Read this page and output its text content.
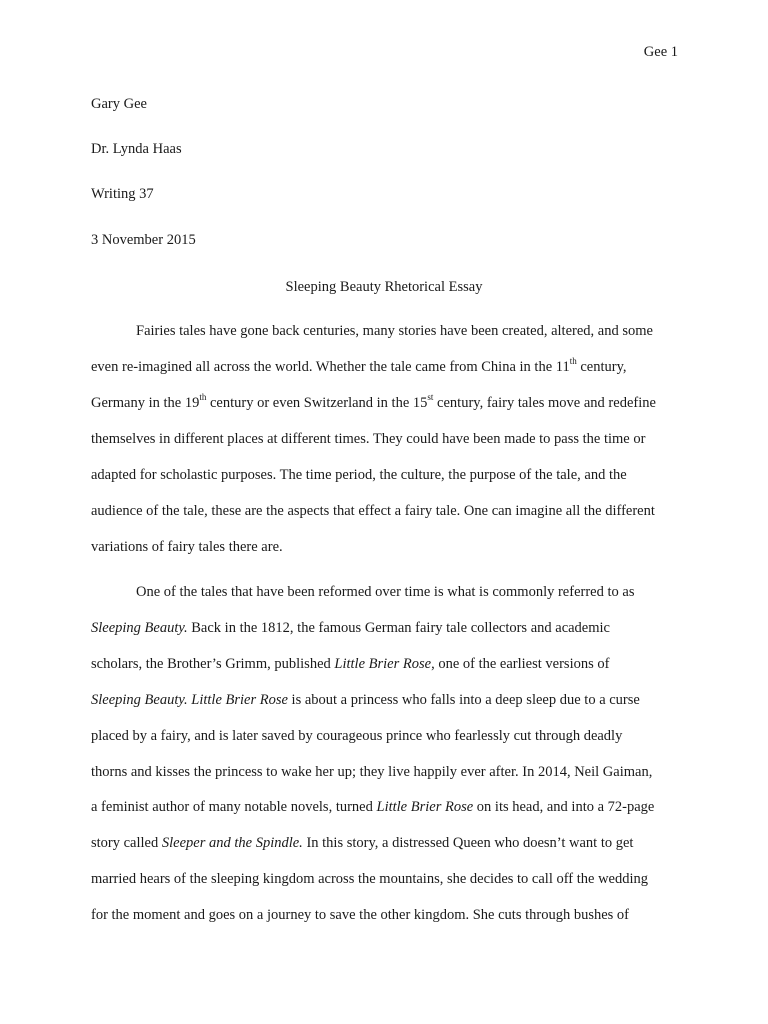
Gee 1
Gary Gee
Dr. Lynda Haas
Writing 37
3 November 2015
Sleeping Beauty Rhetorical Essay
Fairies tales have gone back centuries, many stories have been created, altered, and some
even re-imagined all across the world. Whether the tale came from China in the 11th century,
Germany in the 19th century or even Switzerland in the 15st century, fairy tales move and redefine
themselves in different places at different times. They could have been made to pass the time or
adapted for scholastic purposes. The time period, the culture, the purpose of the tale, and the
audience of the tale, these are the aspects that effect a fairy tale. One can imagine all the different
variations of fairy tales there are.
One of the tales that have been reformed over time is what is commonly referred to as
Sleeping Beauty. Back in the 1812, the famous German fairy tale collectors and academic
scholars, the Brother’s Grimm, published Little Brier Rose, one of the earliest versions of
Sleeping Beauty. Little Brier Rose is about a princess who falls into a deep sleep due to a curse
placed by a fairy, and is later saved by courageous prince who fearlessly cut through deadly
thorns and kisses the princess to wake her up; they live happily ever after. In 2014, Neil Gaiman,
a feminist author of many notable novels, turned Little Brier Rose on its head, and into a 72-page
story called Sleeper and the Spindle. In this story, a distressed Queen who doesn’t want to get
married hears of the sleeping kingdom across the mountains, she decides to call off the wedding
for the moment and goes on a journey to save the other kingdom. She cuts through bushes of
